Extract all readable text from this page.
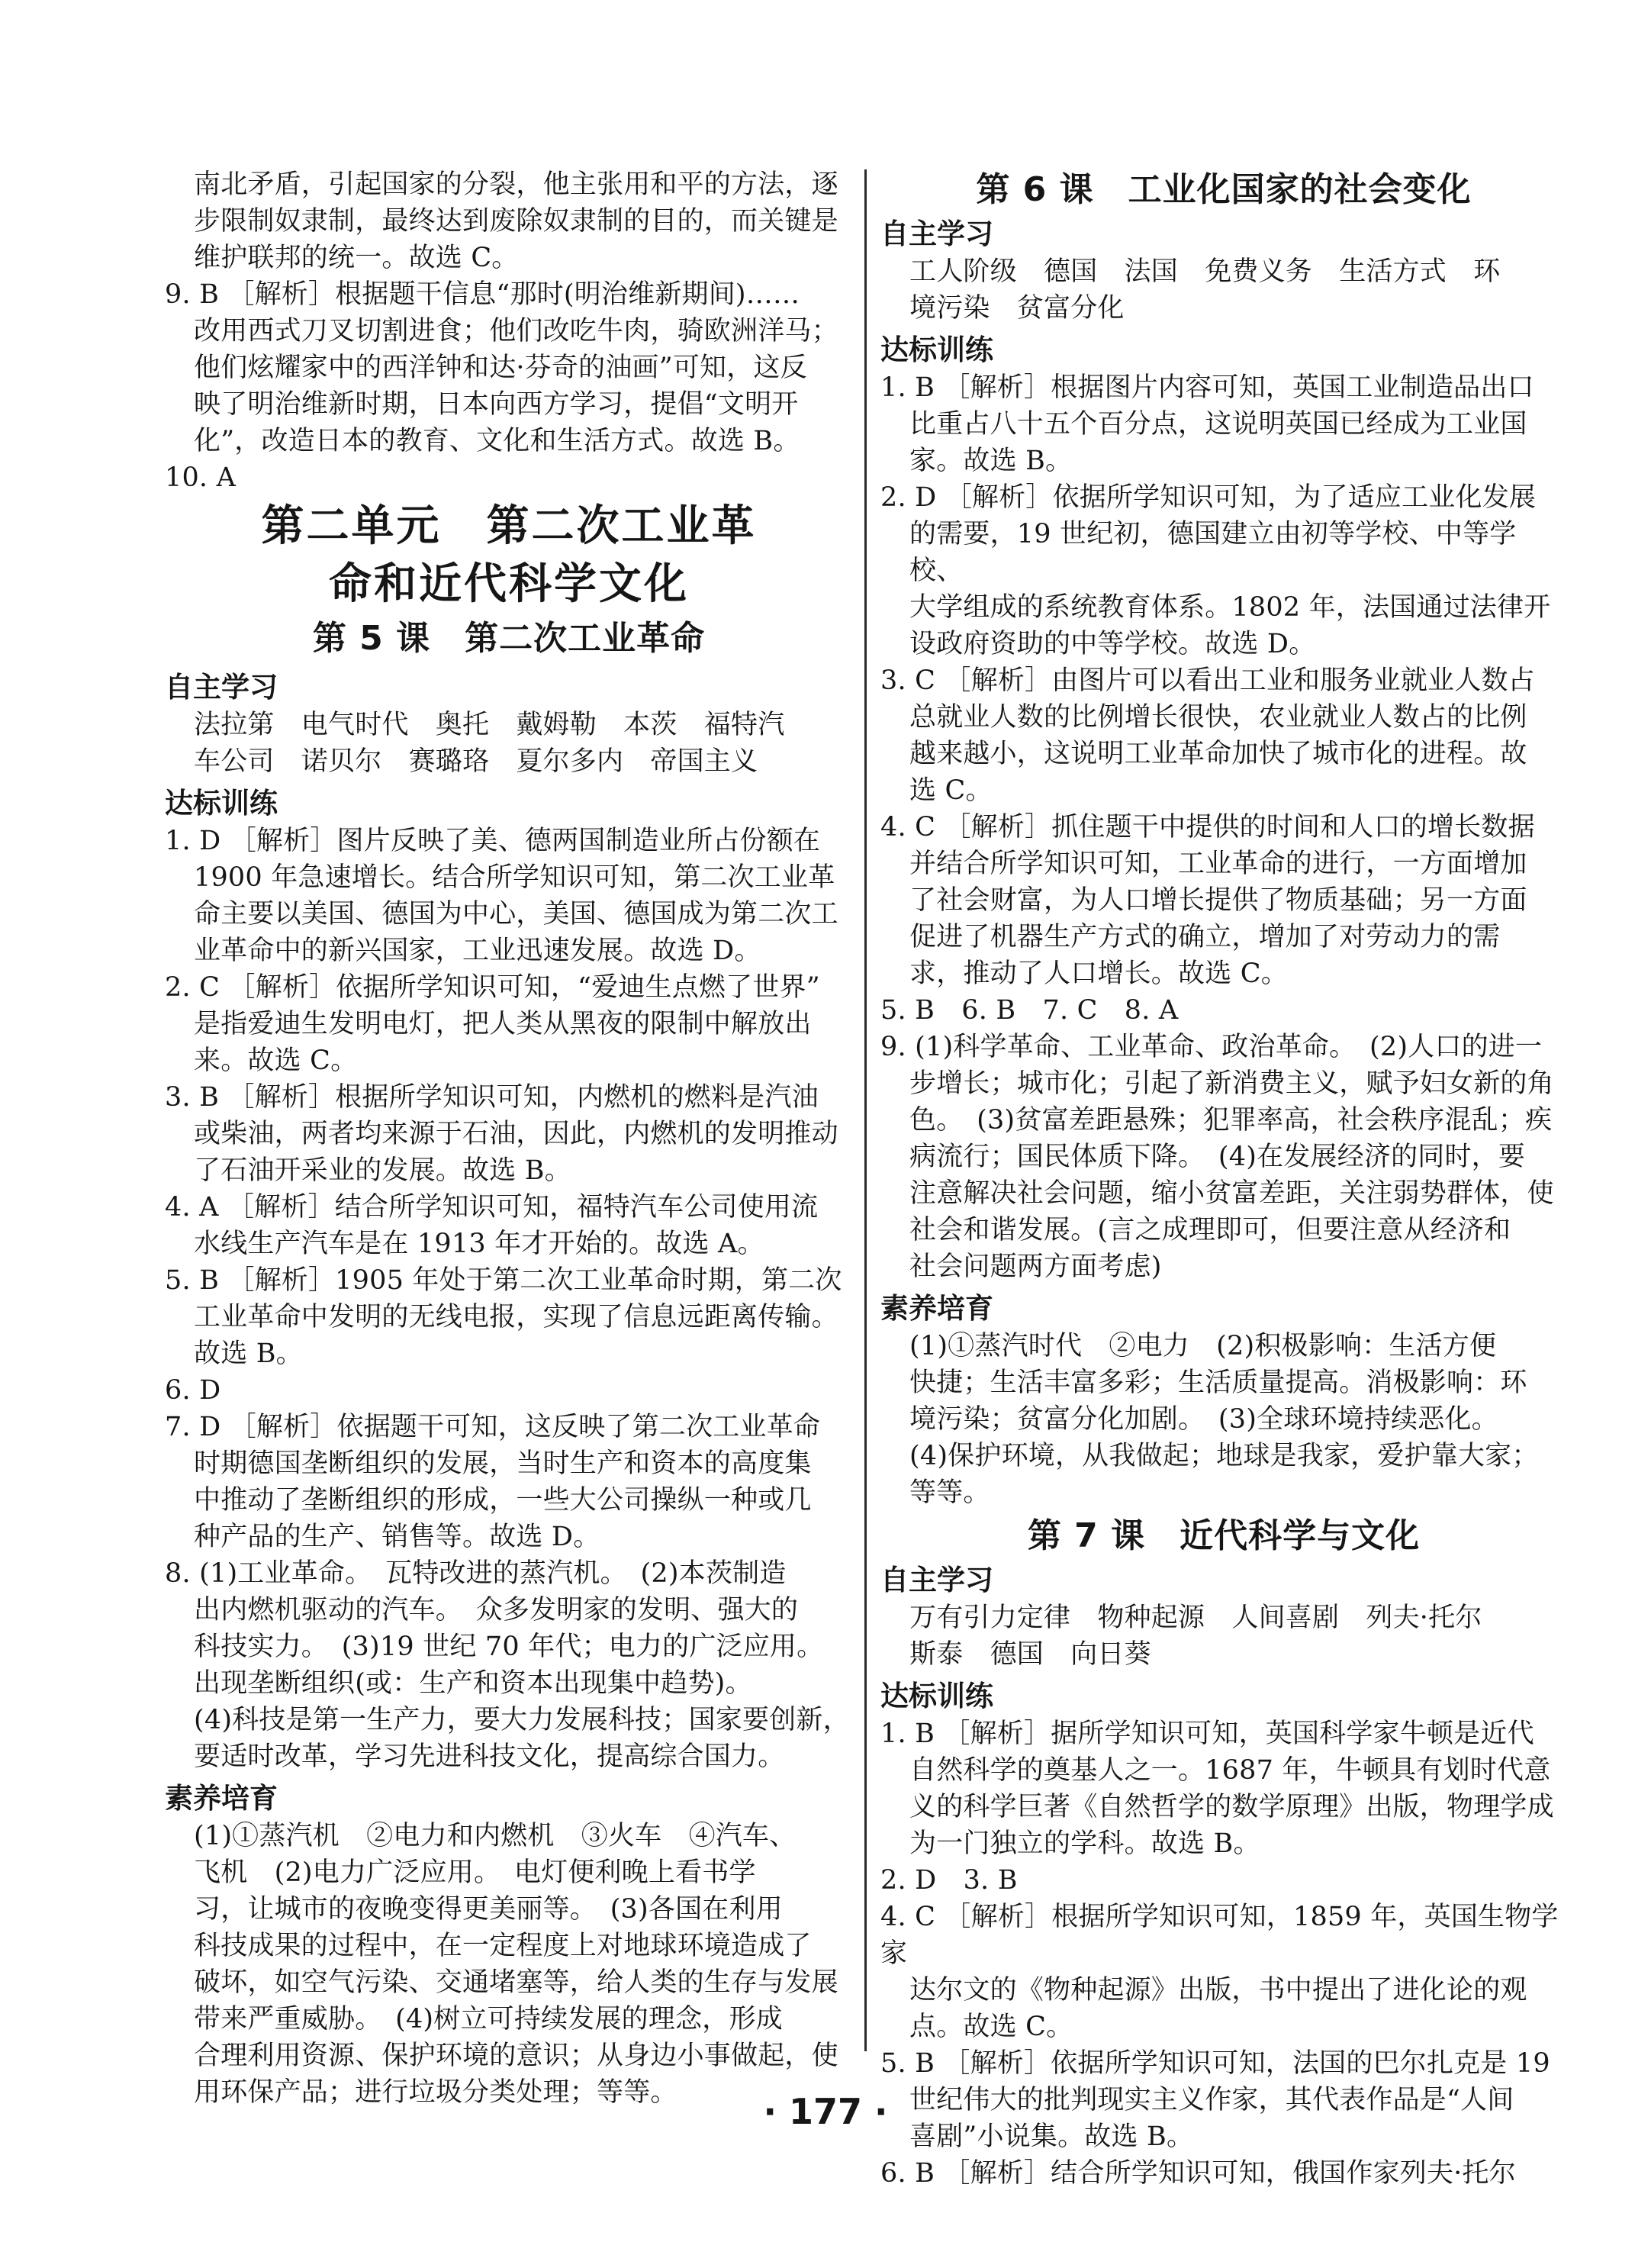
南北矛盾，引起国家的分裂，他主张用和平的方法，逐

步限制奴隶制，最终达到废除奴隶制的目的，而关键是

维护联邦的统一。故选 C。

9. B ［解析］根据题干信息“那时(明治维新期间)……

改用西式刀叉切割进食；他们改吃牛肉，骑欧洲洋马；

他们炫耀家中的西洋钟和达·芬奇的油画”可知，这反

映了明治维新时期，日本向西方学习，提倡“文明开

化”，改造日本的教育、文化和生活方式。故选 B。

10. A

第二单元　第二次工业革
命和近代科学文化
第 5 课　第二次工业革命
自主学习

法拉第　电气时代　奥托　戴姆勒　本茨　福特汽

车公司　诺贝尔　赛璐珞　夏尔多内　帝国主义

达标训练

1. D ［解析］图片反映了美、德两国制造业所占份额在

1900 年急速增长。结合所学知识可知，第二次工业革

命主要以美国、德国为中心，美国、德国成为第二次工

业革命中的新兴国家，工业迅速发展。故选 D。

2. C ［解析］依据所学知识可知，“爱迪生点燃了世界”

是指爱迪生发明电灯，把人类从黑夜的限制中解放出

来。故选 C。

3. B ［解析］根据所学知识可知，内燃机的燃料是汽油

或柴油，两者均来源于石油，因此，内燃机的发明推动

了石油开采业的发展。故选 B。

4. A ［解析］结合所学知识可知，福特汽车公司使用流

水线生产汽车是在 1913 年才开始的。故选 A。

5. B ［解析］1905 年处于第二次工业革命时期，第二次

工业革命中发明的无线电报，实现了信息远距离传输。

故选 B。

6. D

7. D ［解析］依据题干可知，这反映了第二次工业革命

时期德国垄断组织的发展，当时生产和资本的高度集

中推动了垄断组织的形成，一些大公司操纵一种或几

种产品的生产、销售等。故选 D。

8. (1)工业革命。　瓦特改进的蒸汽机。　(2)本茨制造

出内燃机驱动的汽车。　众多发明家的发明、强大的

科技实力。　(3)19 世纪 70 年代；电力的广泛应用。

出现垄断组织(或：生产和资本出现集中趋势)。

(4)科技是第一生产力，要大力发展科技；国家要创新，

要适时改革，学习先进科技文化，提高综合国力。

素养培育

(1)①蒸汽机　②电力和内燃机　③火车　④汽车、

飞机　(2)电力广泛应用。　电灯便利晚上看书学

习，让城市的夜晚变得更美丽等。　(3)各国在利用

科技成果的过程中，在一定程度上对地球环境造成了

破坏，如空气污染、交通堵塞等，给人类的生存与发展

带来严重威胁。　(4)树立可持续发展的理念，形成

合理利用资源、保护环境的意识；从身边小事做起，使

用环保产品；进行垃圾分类处理；等等。

第 6 课　工业化国家的社会变化
自主学习

工人阶级　德国　法国　免费义务　生活方式　环

境污染　贫富分化

达标训练

1. B ［解析］根据图片内容可知，英国工业制造品出口

比重占八十五个百分点，这说明英国已经成为工业国

家。故选 B。

2. D ［解析］依据所学知识可知，为了适应工业化发展

的需要，19 世纪初，德国建立由初等学校、中等学校、

大学组成的系统教育体系。1802 年，法国通过法律开

设政府资助的中等学校。故选 D。

3. C ［解析］由图片可以看出工业和服务业就业人数占

总就业人数的比例增长很快，农业就业人数占的比例

越来越小，这说明工业革命加快了城市化的进程。故

选 C。

4. C ［解析］抓住题干中提供的时间和人口的增长数据

并结合所学知识可知，工业革命的进行，一方面增加

了社会财富，为人口增长提供了物质基础；另一方面

促进了机器生产方式的确立，增加了对劳动力的需

求，推动了人口增长。故选 C。

5. B　6. B　7. C　8. A

9. (1)科学革命、工业革命、政治革命。　(2)人口的进一

步增长；城市化；引起了新消费主义，赋予妇女新的角

色。　(3)贫富差距悬殊；犯罪率高，社会秩序混乱；疾

病流行；国民体质下降。　(4)在发展经济的同时，要

注意解决社会问题，缩小贫富差距，关注弱势群体，使

社会和谐发展。(言之成理即可，但要注意从经济和

社会问题两方面考虑)

素养培育

(1)①蒸汽时代　②电力　(2)积极影响：生活方便

快捷；生活丰富多彩；生活质量提高。消极影响：环

境污染；贫富分化加剧。　(3)全球环境持续恶化。

(4)保护环境，从我做起；地球是我家，爱护靠大家；

等等。

第 7 课　近代科学与文化
自主学习

万有引力定律　物种起源　人间喜剧　列夫·托尔

斯泰　德国　向日葵

达标训练

1. B ［解析］据所学知识可知，英国科学家牛顿是近代

自然科学的奠基人之一。1687 年，牛顿具有划时代意

义的科学巨著《自然哲学的数学原理》出版，物理学成

为一门独立的学科。故选 B。

2. D　3. B

4. C ［解析］根据所学知识可知，1859 年，英国生物学家

达尔文的《物种起源》出版，书中提出了进化论的观

点。故选 C。

5. B ［解析］依据所学知识可知，法国的巴尔扎克是 19

世纪伟大的批判现实主义作家，其代表作品是“人间

喜剧”小说集。故选 B。

6. B ［解析］结合所学知识可知，俄国作家列夫·托尔

· 177 ·
